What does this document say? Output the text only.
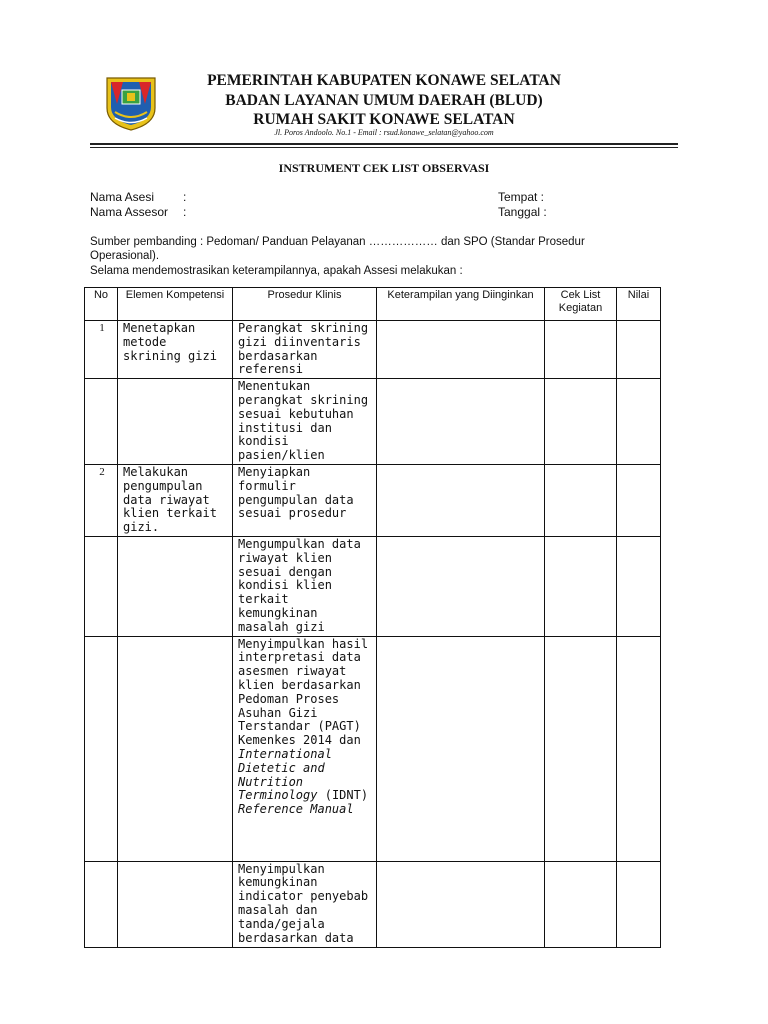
PEMERINTAH KABUPATEN KONAWE SELATAN
BADAN LAYANAN UMUM DAERAH (BLUD)
RUMAH SAKIT KONAWE SELATAN
Jl. Poros Andoolo. No.1 - Email : rsud.konawe_selatan@yahoo.com
INSTRUMENT CEK LIST OBSERVASI
Nama Asesi :
Nama Assesor :
Tempat :
Tanggal :
Sumber pembanding : Pedoman/ Panduan Pelayanan ……………… dan SPO (Standar Prosedur Operasional).
Selama mendemostrasikan keterampilannya, apakah Assesi melakukan :
No	Elemen Kompetensi	Prosedur Klinis	Keterampilan yang Diinginkan	Cek List Kegiatan	Nilai
1	Menetapkan metode skrining gizi	Perangkat skrining gizi diinventaris berdasarkan referensi			
		Menentukan perangkat skrining sesuai kebutuhan institusi dan kondisi pasien/klien			
2	Melakukan pengumpulan data riwayat klien terkait gizi.	Menyiapkan formulir pengumpulan data sesuai prosedur			
		Mengumpulkan data riwayat klien sesuai dengan kondisi klien terkait kemungkinan masalah gizi			
		Menyimpulkan hasil interpretasi data asesmen riwayat klien berdasarkan Pedoman Proses Asuhan Gizi Terstandar (PAGT) Kemenkes 2014 dan International Dietetic and Nutrition Terminology (IDNT) Reference Manual			
		Menyimpulkan kemungkinan indicator penyebab masalah dan tanda/gejala berdasarkan data			
